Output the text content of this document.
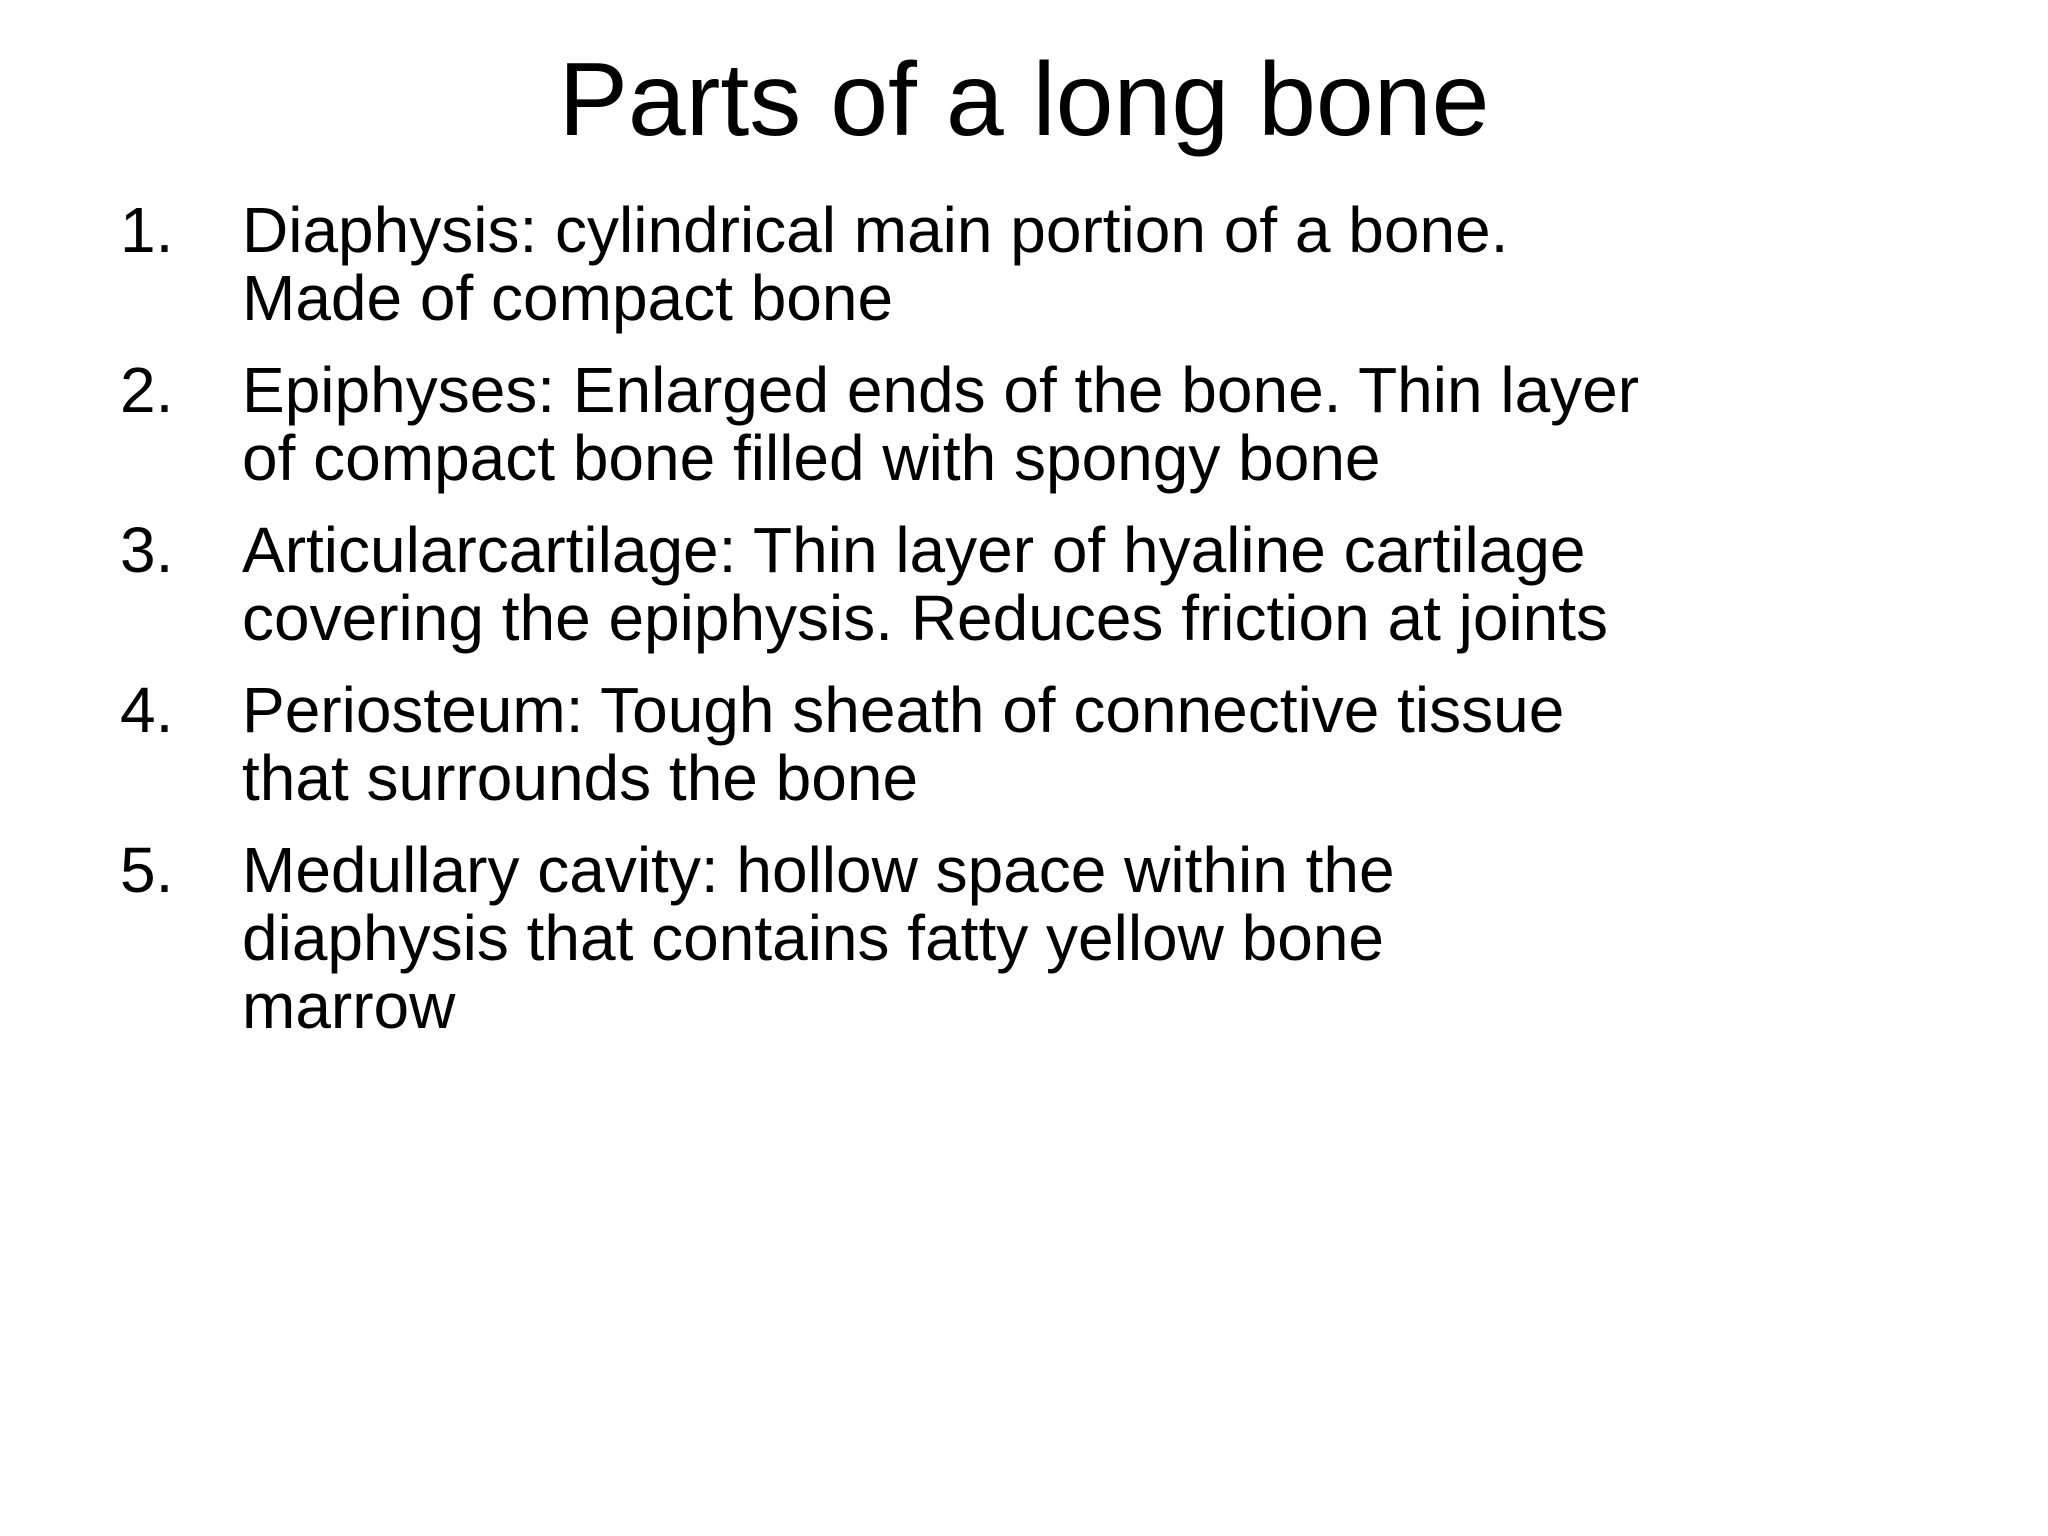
Parts of a long bone
1. Diaphysis: cylindrical main portion of a bone.
Made of compact bone
2. Epiphyses: Enlarged ends of the bone. Thin layer
of compact bone filled with spongy bone
3. Articularcartilage: Thin layer of hyaline cartilage
covering the epiphysis. Reduces friction at joints
4. Periosteum: Tough sheath of connective tissue
that surrounds the bone
5. Medullary cavity: hollow space within the
diaphysis that contains fatty yellow bone
marrow
